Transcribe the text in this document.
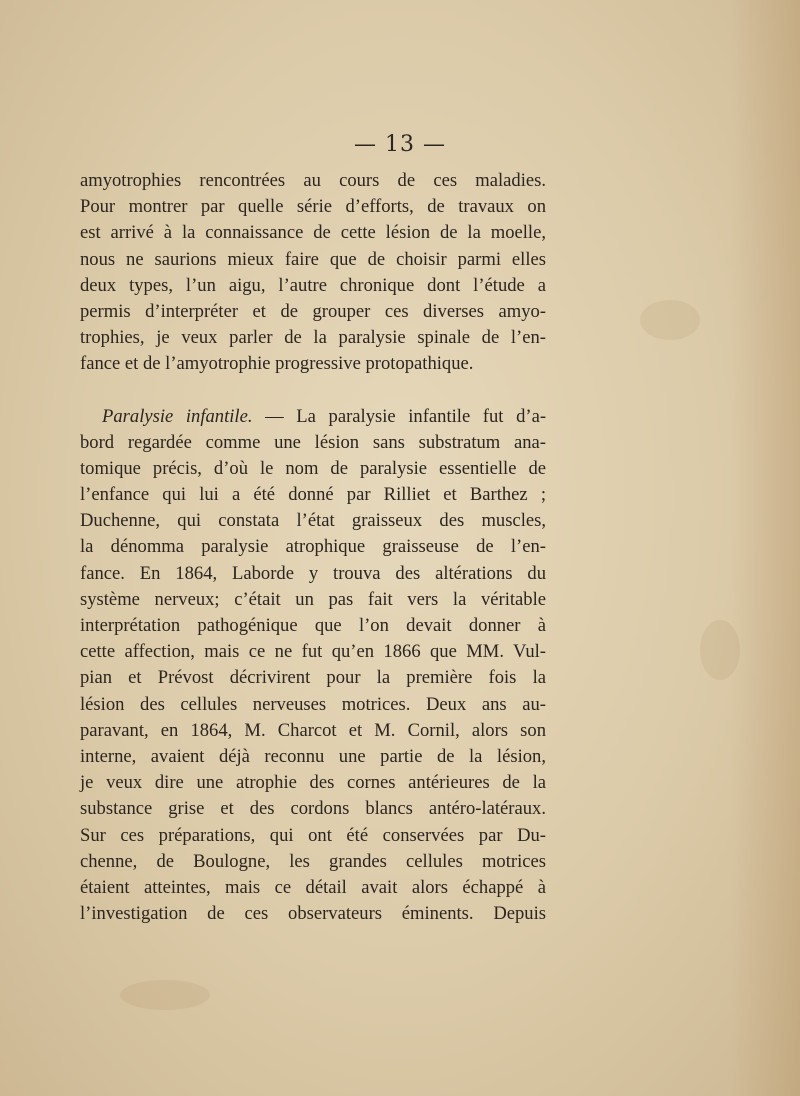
— 13 —
amyotrophies rencontrées au cours de ces maladies.
Pour montrer par quelle série d’efforts, de travaux on
est arrivé à la connaissance de cette lésion de la moelle,
nous ne saurions mieux faire que de choisir parmi elles
deux types, l’un aigu, l’autre chronique dont l’étude a
permis d’interpréter et de grouper ces diverses amyo-
trophies, je veux parler de la paralysie spinale de l’en-
fance et de l’amyotrophie progressive protopathique.
Paralysie infantile. — La paralysie infantile fut d’a-
bord regardée comme une lésion sans substratum ana-
tomique précis, d’où le nom de paralysie essentielle de
l’enfance qui lui a été donné par Rilliet et Barthez ;
Duchenne, qui constata l’état graisseux des muscles,
la dénomma paralysie atrophique graisseuse de l’en-
fance. En 1864, Laborde y trouva des altérations du
système nerveux; c’était un pas fait vers la véritable
interprétation pathogénique que l’on devait donner à
cette affection, mais ce ne fut qu’en 1866 que MM. Vul-
pian et Prévost décrivirent pour la première fois la
lésion des cellules nerveuses motrices. Deux ans au-
paravant, en 1864, M. Charcot et M. Cornil, alors son
interne, avaient déjà reconnu une partie de la lésion,
je veux dire une atrophie des cornes antérieures de la
substance grise et des cordons blancs antéro-latéraux.
Sur ces préparations, qui ont été conservées par Du-
chenne, de Boulogne, les grandes cellules motrices
étaient atteintes, mais ce détail avait alors échappé à
l’investigation de ces observateurs éminents. Depuis
